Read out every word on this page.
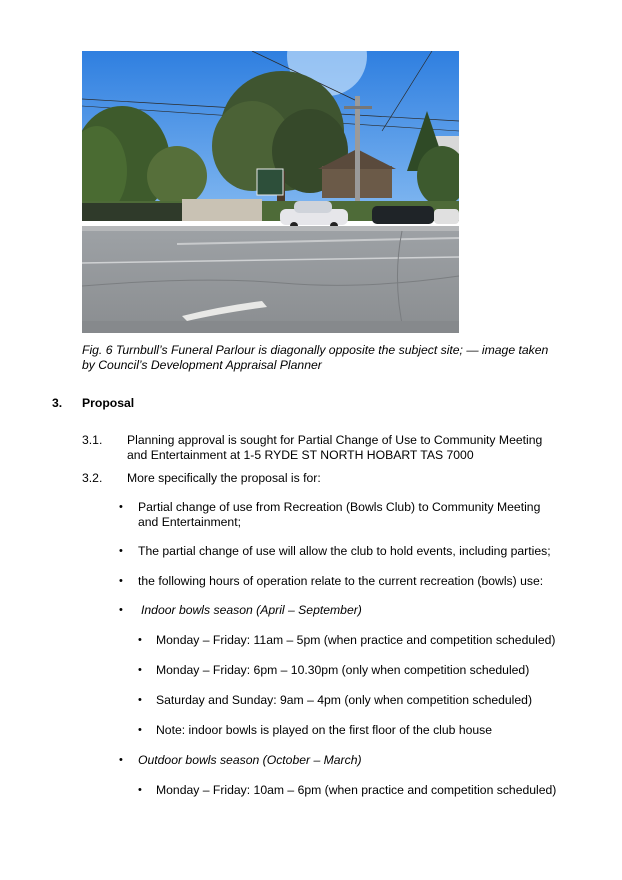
Fig. 6 Turnbull’s Funeral Parlour is diagonally opposite the subject site; — image taken
by Council’s Development Appraisal Planner
3. Proposal
3.1. Planning approval is sought for Partial Change of Use to Community Meeting
and Entertainment at 1-5 RYDE ST NORTH HOBART TAS 7000
3.2. More specifically the proposal is for:
• Partial change of use from Recreation (Bowls Club) to Community Meeting
and Entertainment;
• The partial change of use will allow the club to hold events, including parties;
• the following hours of operation relate to the current recreation (bowls) use:
• Indoor bowls season (April – September)
• Monday – Friday: 11am – 5pm (when practice and competition scheduled)
• Monday – Friday: 6pm – 10.30pm (only when competition scheduled)
• Saturday and Sunday: 9am – 4pm (only when competition scheduled)
• Note: indoor bowls is played on the first floor of the club house
• Outdoor bowls season (October – March)
• Monday – Friday: 10am – 6pm (when practice and competition scheduled)
